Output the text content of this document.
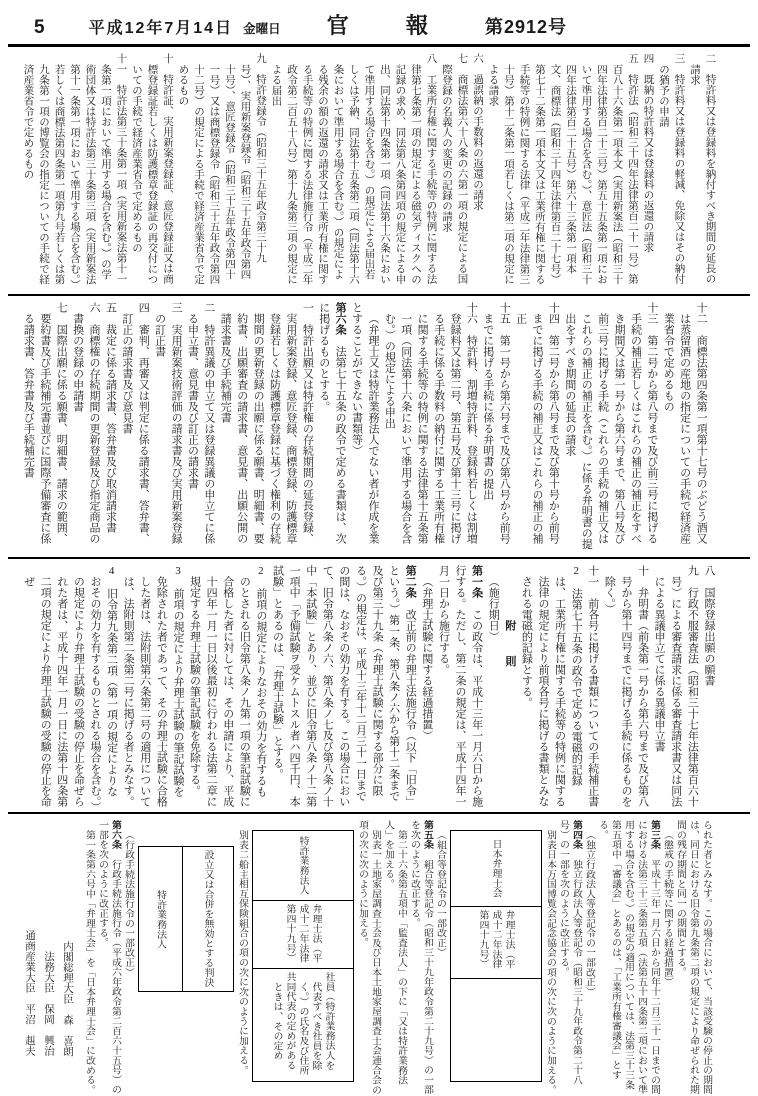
5	平成12年7月14日 金曜日 官報 第2912号

二　特許料又は登録料を納付すべき期間の延長の請求

三　特許料又は登録料の軽減、免除又はその納付の猶予の申請

四　既納の特許料又は登録料の返還の請求

五　特許法（昭和三十四年法律第百二十一号）第百八十六条第一項本文（実用新案法（昭和三十四年法律第百二十三号）第五十五条第一項において準用する場合を含む。）、意匠法（昭和三十四年法律第百二十五号）第六十三条第一項本文、商標法（昭和三十四年法律第百二十七号）第七十二条第一項本文又は工業所有権に関する手続等の特例に関する法律（平成二年法律第三十号）第十二条第一項若しくは第二項の規定による請求

六　過誤納の手数料の返還の請求

七　商標法第六十八条の六第一項の規定による国際登録の名義人の変更の記録の請求

八　工業所有権に関する手続等の特例に関する法律第七条第一項の規定による磁気ディスクへの記録の求め、同法第八条第四項の規定による申出、同法第十四条第一項（同法第十六条において準用する場合を含む。）の規定による届出若しくは予納、同法第十五条第二項（同法第十六条において準用する場合を含む。）の規定による残余の額の返還の請求又は工業所有権に関する手続等の特例に関する法律施行令（平成二年政令第二百五十八号）第十九条第三項の規定による届出

九　特許登録令（昭和三十五年政令第三十九号）、実用新案登録令（昭和三十五年政令第四十号）、意匠登録令（昭和三十五年政令第四十一号）又は商標登録令（昭和三十五年政令第四十二号）の規定による手続で経済産業省令で定めるもの

十　特許証、実用新案登録証、意匠登録証又は商標登録証若しくは防護標章登録証の再交付についての手続で経済産業省令で定めるもの

十一　特許法第三十条第一項（実用新案法第十一条第一項において準用する場合を含む。）の学術団体又は特許法第三十条第三項（実用新案法第十一条第一項において準用する場合を含む。）若しくは商標法第四条第一項第九号若しくは第九条第一項の博覧会の指定についての手続で経済産業省令で定めるもの

十二　商標法第四条第一項第十七号のぶどう酒又は蒸留酒の産地の指定についての手続で経済産業省令で定めるもの

十三　第二号から第八号まで及び前三号に掲げる手続の補正若しくはこれらの補正の補正をすべき期間又は第一号から第六号まで、第八号及び前三号に掲げる手続（これらの手続の補正又はこれらの補正の補正を含む。）に係る弁明書の提出をすべき期間の延長の請求

十四　第二号から第八号まで及び第十号から前号までに掲げる手続の補正又はこれらの補正の補正

十五　第一号から第六号まで及び第八号から前号までに掲げる手続に係る弁明書の提出

十六　特許料、割増特許料、登録料若しくは割増登録料又は第二号、第五号及び第十三号に掲げる手続に係る手数料の納付に関する工業所有権に関する手続等の特例に関する法律第十五条第一項（同法第十六条において準用する場合を含む。）の規定による申出

（弁理士又は特許業務法人でない者が作成を業とすることができない書類等）

第六条　法第七十五条の政令で定める書類は、次に掲げるものとする。

一　特許出願又は特許権の存続期間の延長登録、実用新案登録、意匠登録、商標登録、防護標章登録若しくは防護標章登録に基づく権利の存続期間の更新登録の出願に係る願書、明細書、要約書、出願審査の請求書、意見書、出願公開の請求書及び手続補完書

二　特許異議の申立て又は登録異議の申立てに係る申立書、意見書及び訂正の請求書

三　実用新案技術評価の請求書及び実用新案登録の訂正書

四　審判、再審又は判定に係る請求書、答弁書、訂正の請求書及び意見書

五　裁定に係る請求書、答弁書及び取消請求書

六　商標権の存続期間の更新登録及び指定商品の書換の登録の申請書

七　国際出願に係る願書、明細書、請求の範囲、要約書及び手続補完書並びに国際予備審査に係る請求書、答弁書及び手続補完書

八　国際登録出願の願書

九　行政不服審査法（昭和三十七年法律第百六十号）による審査請求に係る審査請求書又は同法による異議申立てに係る異議申立書

十　弁明書（前条第一号から第六号まで及び第八号から第十四号までに掲げる手続に係るものを除く。）

十一　前各号に掲げる書類についての手続補正書

2　法第七十五条の政令で定める電磁的記録は、工業所有権に関する手続等の特例に関する法律の規定により前項各号に掲げる書類とみなされる電磁的記録とする。

附　則

（施行期日）

第一条　この政令は、平成十三年一月六日から施行する。ただし、第二条の規定は、平成十四年一月一日から施行する。

（弁理士試験に関する経過措置）

第二条　改正前の弁理士法施行令（以下「旧令」という。）第一条、第八条ノ六から第十二条まで及び第三十九条（弁理士試験に関する部分に限る。）の規定は、平成十三年十二月三十一日までの間は、なおその効力を有する。この場合において、旧令第八条ノ六、第八条ノ七及び第八条ノ十中「本試験」とあり、並びに旧令第八条ノ十二第一項中「予備試験ヲ受ケムトスル者ハ四千円、本試験」とあるのは、「弁理士試験」とする。

2　前項の規定によりなおその効力を有するものとされる旧令第八条ノ九第一項の筆記試験に合格した者に対しては、その申請により、平成十四年一月一日以後最初に行われる法第二章に規定する弁理士試験の筆記試験を免除する。

3　前項の規定により弁理士試験の筆記試験を免除された者であって、その弁理士試験に合格した者は、法附則第六条第二号の適用については、法附則第二条第二号に掲げる者とみなす。

4　旧令第九条第二項（第一項の規定によりなおその効力を有するものとされる場合を含む。）の規定により弁理士試験の受験の停止を命ぜられた者は、平成十四年一月一日に法第十四条第二項の規定により弁理士試験の受験の停止を命ぜ

られた者とみなす。この場合において、当該受験の停止の期間は、同日における旧令第九条第二項の規定により命ぜられた期間の残存期間と同一の期間とする。

（懲戒の手続等に関する経過措置）

第三条　平成十三年一月六日から同年十二月三十一日までの間における法第三十三条第五項（法第五十四条第二項において準用する場合を含む。）の規定の適用については、法第三十三条第五項中「審議会」とあるのは、「工業所有権審議会」とする。

（独立行政法人等登記令の一部改正）

第四条　独立行政法人等登記令（昭和三十九年政令第二十八号）の一部を次のように改正する。

別表日本万国博覧会記念協会の項の次に次のように加える。

日本弁理士会
弁理士法（平成十二年法律第四十九号）

（組合等登記令の一部改正）

第五条　組合等登記令（昭和三十九年政令第二十九号）の一部を次のように改正する。

第二十六条第五項中「監査法人」の下に「又は特許業務法人」を加える。

別表一土地家屋調査士会及び日本土地家屋調査士会連合会の項の次に次のように加える。

特許業務法人
弁理士法（平成十二年法律第四十九号）

社員（特許業務法人を代表すべき社員を除く。）の氏名及び住所

共同代表の定めがあるときは、その定め

別表二船主相互保険組合の項の次に次のように加える。

設立又は合併を無効とする判決
特許業務法人

（行政手続法施行令の一部改正）

第六条　行政手続法施行令（平成六年政令第二百六十五号）の一部を次のように改正する。

第一条第六号中「弁理士会」を「日本弁理士会」に改める。

内閣総理大臣　森　喜朗

法務大臣　保岡　興治

通商産業大臣　平沼　赳夫
